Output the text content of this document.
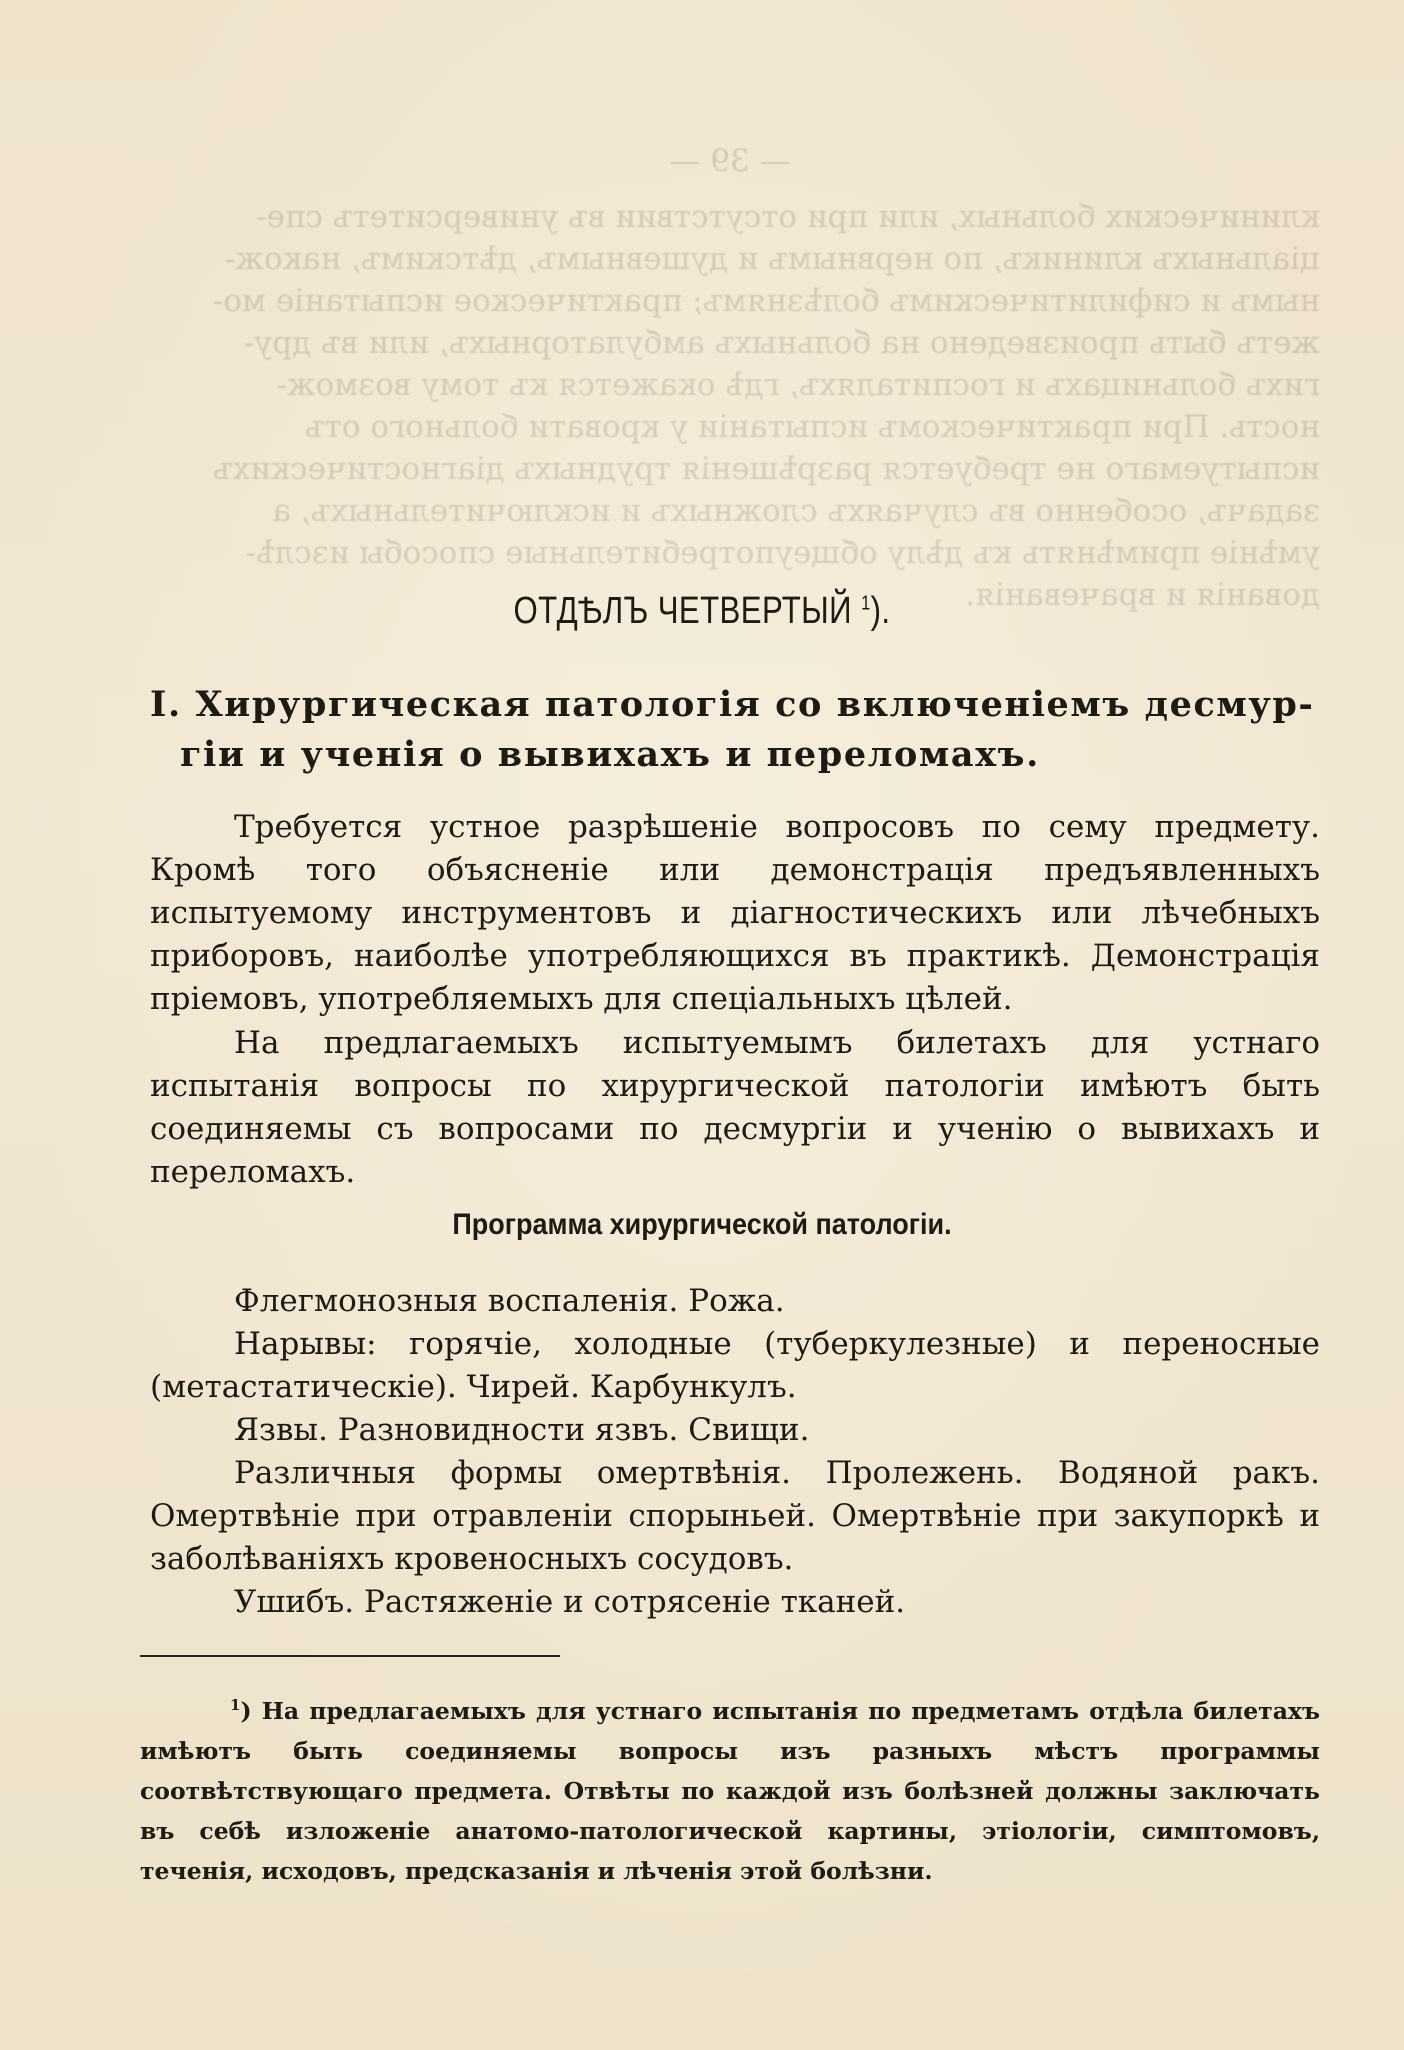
— 39 —
клинических больных, или при отсутствии въ университетъ спе-
ціальныхъ клиникъ, по нервнымъ и душевнымъ, дѣтскимъ, накож-
нымъ и сифилитическимъ болѣзнямъ; практическое испытаніе мо-
жетъ быть произведено на больныхъ амбулаторныхъ, или въ дру-
гихъ больницахъ и госпиталяхъ, гдѣ окажется къ тому возмож-
ность. При практическомъ испытаніи у кровати больного отъ
испытуемаго не требуется разрѣшенія трудныхъ діагностическихъ
задачъ, особенно въ случаяхъ сложныхъ и исключительныхъ, а
умѣніе примѣнять къ дѣлу общеупотребительные способы изслѣ-
дованія и врачеванія.
ОТДѢЛЪ ЧЕТВЕРТЫЙ $^1$).
I. Хирургическая патологія со включеніемъ десмур-
гіи и ученія о вывихахъ и переломахъ.
Требуется устное разрѣшеніе вопросовъ по сему предмету. Кромѣ того объясненіе или демонстрація предъявленныхъ испытуемому инструментовъ и діагностическихъ или лѣчебныхъ приборовъ, наиболѣе употребляющихся въ практикѣ. Демонстрація пріемовъ, употребляемыхъ для спеціальныхъ цѣлей.
На предлагаемыхъ испытуемымъ билетахъ для устнаго испытанія вопросы по хирургической патологіи имѣютъ быть соединяемы съ вопросами по десмургіи и ученію о вывихахъ и переломахъ.
Программа хирургической патологіи.
Флегмонозныя воспаленія. Рожа.
Нарывы: горячіе, холодные (туберкулезные) и переносные (метастатическіе). Чирей. Карбункулъ.
Язвы. Разновидности язвъ. Свищи.
Различныя формы омертвѣнія. Пролежень. Водяной ракъ. Омертвѣніе при отравленіи спорыньей. Омертвѣніе при закупоркѣ и заболѣваніяхъ кровеносныхъ сосудовъ.
Ушибъ. Растяженіе и сотрясеніе тканей.
$^1$) На предлагаемыхъ для устнаго испытанія по предметамъ отдѣла билетахъ имѣютъ быть соединяемы вопросы изъ разныхъ мѣстъ программы соотвѣтствующаго предмета. Отвѣты по каждой изъ болѣзней должны заключать въ себѣ изложеніе анатомо-патологической картины, этіологіи, симптомовъ, теченія, исходовъ, предсказанія и лѣченія этой болѣзни.
